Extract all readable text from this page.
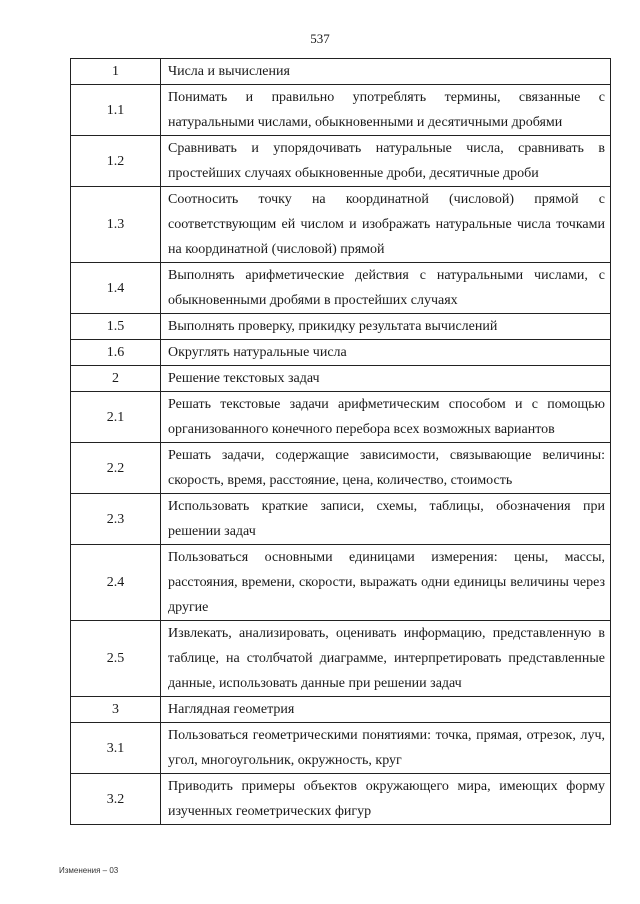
537
1	Числа и вычисления
1.1	Понимать и правильно употреблять термины, связанные с натуральными числами, обыкновенными и десятичными дробями
1.2	Сравнивать и упорядочивать натуральные числа, сравнивать в простейших случаях обыкновенные дроби, десятичные дроби
1.3	Соотносить точку на координатной (числовой) прямой с соответствующим ей числом и изображать натуральные числа точками на координатной (числовой) прямой
1.4	Выполнять арифметические действия с натуральными числами, с обыкновенными дробями в простейших случаях
1.5	Выполнять проверку, прикидку результата вычислений
1.6	Округлять натуральные числа
2	Решение текстовых задач
2.1	Решать текстовые задачи арифметическим способом и с помощью организованного конечного перебора всех возможных вариантов
2.2	Решать задачи, содержащие зависимости, связывающие величины: скорость, время, расстояние, цена, количество, стоимость
2.3	Использовать краткие записи, схемы, таблицы, обозначения при решении задач
2.4	Пользоваться основными единицами измерения: цены, массы, расстояния, времени, скорости, выражать одни единицы величины через другие
2.5	Извлекать, анализировать, оценивать информацию, представленную в таблице, на столбчатой диаграмме, интерпретировать представленные данные, использовать данные при решении задач
3	Наглядная геометрия
3.1	Пользоваться геометрическими понятиями: точка, прямая, отрезок, луч, угол, многоугольник, окружность, круг
3.2	Приводить примеры объектов окружающего мира, имеющих форму изученных геометрических фигур
Изменения – 03
